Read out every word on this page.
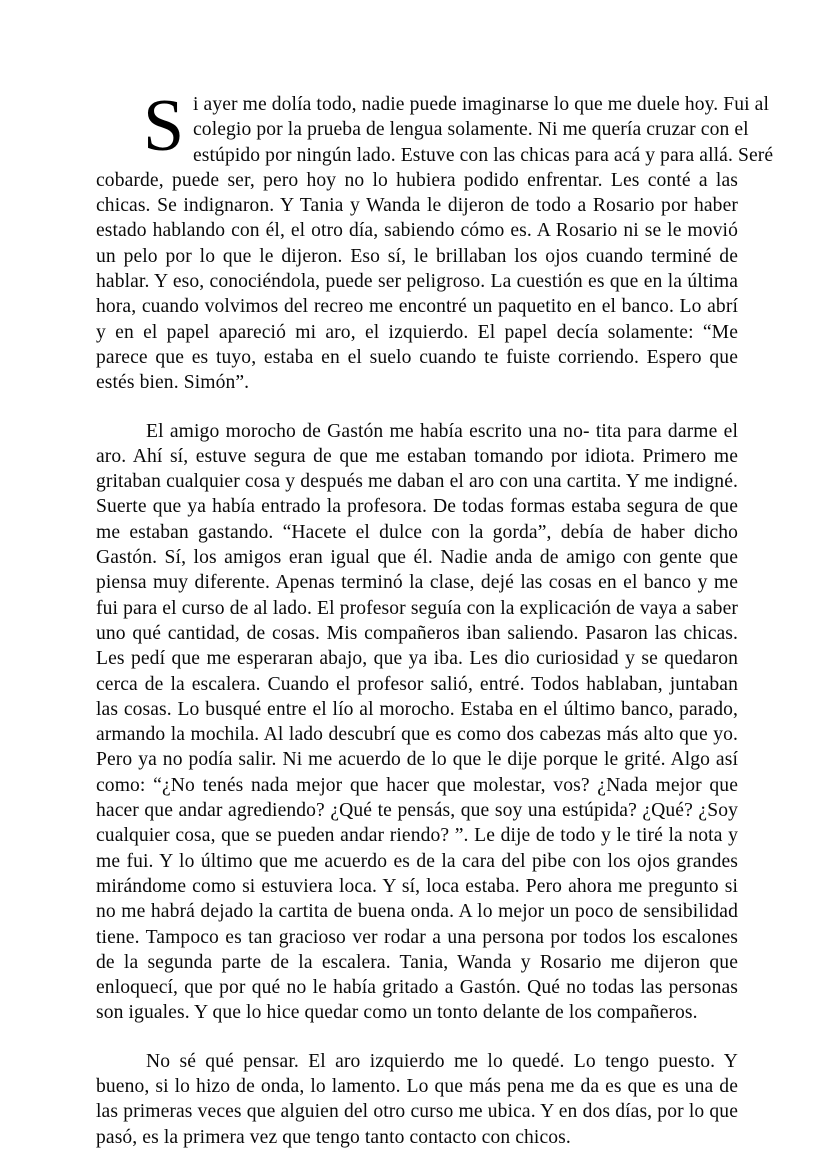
S i ayer me dolía todo, nadie puede imaginarse lo que me duele hoy. Fui al
colegio por la prueba de lengua solamente. Ni me quería cruzar con el
estúpido por ningún lado. Estuve con las chicas para acá y para allá. Seré
cobarde, puede ser, pero hoy no lo hubiera podido enfrentar. Les conté a las chicas. Se indignaron. Y Tania y Wanda le dijeron de todo a Rosario por haber estado hablando con él, el otro día, sabiendo cómo es. A Rosario ni se le movió un pelo por lo que le dijeron. Eso sí, le brillaban los ojos cuando terminé de hablar. Y eso, conociéndola, puede ser peligroso. La cuestión es que en la última hora, cuando volvimos del recreo me encontré un paquetito en el banco. Lo abrí y en el papel apareció mi aro, el izquierdo. El papel decía solamente: “Me parece que es tuyo, estaba en el suelo cuando te fuiste corriendo. Espero que estés bien. Simón”.

El amigo morocho de Gastón me había escrito una no- tita para darme el aro. Ahí sí, estuve segura de que me estaban tomando por idiota. Primero me gritaban cualquier cosa y después me daban el aro con una cartita. Y me indigné. Suerte que ya había entrado la profesora. De todas formas estaba segura de que me estaban gastando. “Hacete el dulce con la gorda”, debía de haber dicho Gastón. Sí, los amigos eran igual que él. Nadie anda de amigo con gente que piensa muy diferente. Apenas terminó la clase, dejé las cosas en el banco y me fui para el curso de al lado. El profesor seguía con la explicación de vaya a saber uno qué cantidad, de cosas. Mis compañeros iban saliendo. Pasaron las chicas. Les pedí que me esperaran abajo, que ya iba. Les dio curiosidad y se quedaron cerca de la escalera. Cuando el profesor salió, entré. Todos hablaban, juntaban las cosas. Lo busqué entre el lío al morocho. Estaba en el último banco, parado, armando la mochila. Al lado descubrí que es como dos cabezas más alto que yo. Pero ya no podía salir. Ni me acuerdo de lo que le dije porque le grité. Algo así como: “¿No tenés nada mejor que hacer que molestar, vos? ¿Nada mejor que hacer que andar agrediendo? ¿Qué te pensás, que soy una estúpida? ¿Qué? ¿Soy cualquier cosa, que se pueden andar riendo? ”. Le dije de todo y le tiré la nota y me fui. Y lo último que me acuerdo es de la cara del pibe con los ojos grandes mirándome como si estuviera loca. Y sí, loca estaba. Pero ahora me pregunto si no me habrá dejado la cartita de buena onda. A lo mejor un poco de sensibilidad tiene. Tampoco es tan gracioso ver rodar a una persona por todos los escalones de la segunda parte de la escalera. Tania, Wanda y Rosario me dijeron que enloquecí, que por qué no le había gritado a Gastón. Qué no todas las personas son iguales. Y que lo hice quedar como un tonto delante de los compañeros.

No sé qué pensar. El aro izquierdo me lo quedé. Lo tengo puesto. Y bueno, si lo hizo de onda, lo lamento. Lo que más pena me da es que es una de las primeras veces que alguien del otro curso me ubica. Y en dos días, por lo que pasó, es la primera vez que tengo tanto contacto con chicos.
